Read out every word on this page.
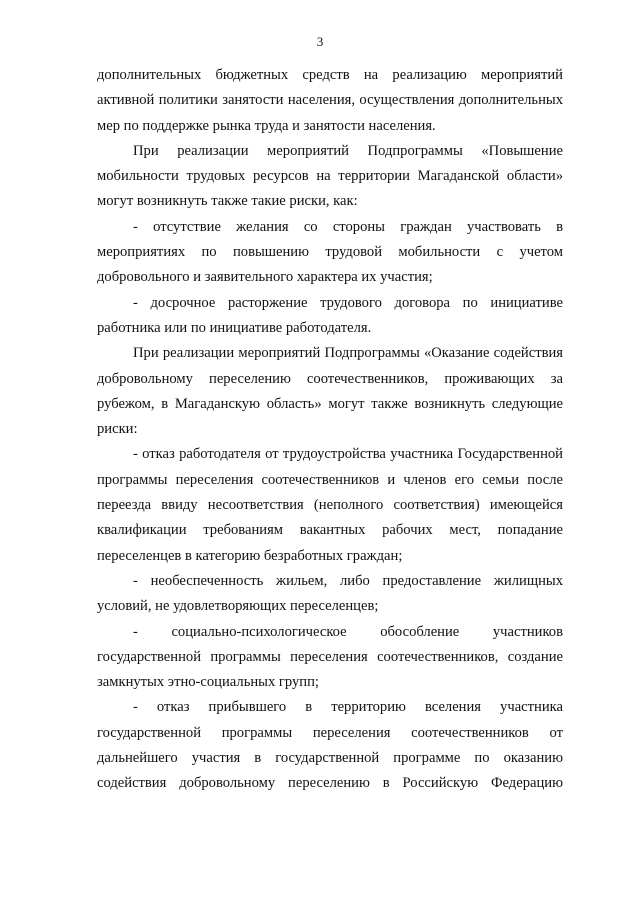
3

дополнительных бюджетных средств на реализацию мероприятий активной политики занятости населения, осуществления дополнительных мер по поддержке рынка труда и занятости населения.

При реализации мероприятий Подпрограммы «Повышение мобильности трудовых ресурсов на территории Магаданской области» могут возникнуть также такие риски, как:

- отсутствие желания со стороны граждан участвовать в мероприятиях по повышению трудовой мобильности с учетом добровольного и заявительного характера их участия;

- досрочное расторжение трудового договора по инициативе работника или по инициативе работодателя.

При реализации мероприятий Подпрограммы «Оказание содействия добровольному переселению соотечественников, проживающих за рубежом, в Магаданскую область» могут также возникнуть следующие риски:

- отказ работодателя от трудоустройства участника Государственной программы переселения соотечественников и членов его семьи после переезда ввиду несоответствия (неполного соответствия) имеющейся квалификации требованиям вакантных рабочих мест, попадание переселенцев в категорию безработных граждан;

- необеспеченность жильем, либо предоставление жилищных условий, не удовлетворяющих переселенцев;

- социально-психологическое обособление участников государственной программы переселения соотечественников, создание замкнутых этно-социальных групп;

- отказ прибывшего в территорию вселения участника государственной программы переселения соотечественников от дальнейшего участия в государственной программе по оказанию содействия добровольному переселению в Российскую Федерацию
